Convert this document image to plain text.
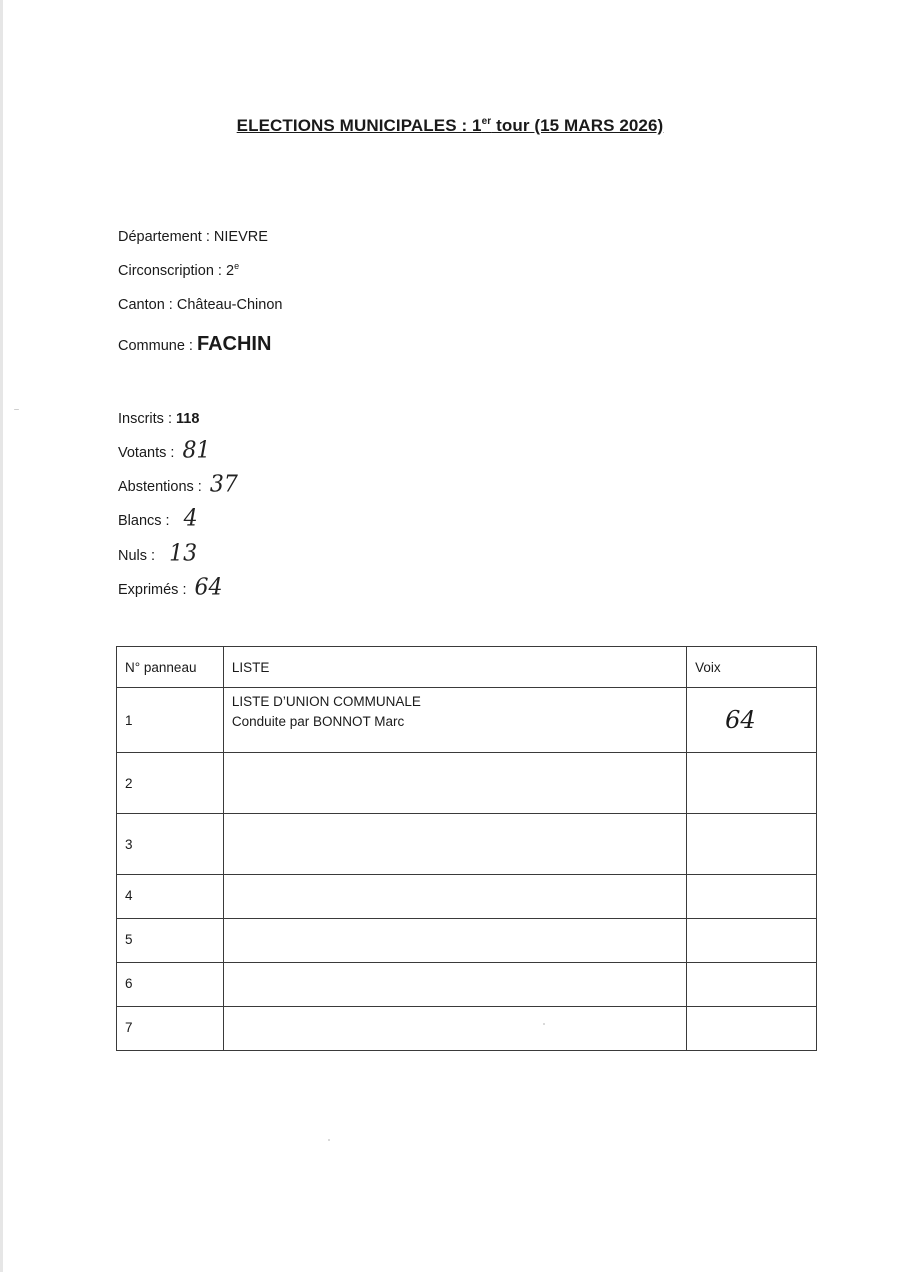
ELECTIONS MUNICIPALES : 1er tour (15 MARS 2026)
Département : NIEVRE
Circonscription : 2e
Canton : Château-Chinon
Commune : FACHIN
Inscrits : 118
Votants : 81
Abstentions : 37
Blancs : 4
Nuls : 13
Exprimés : 64
N° panneau	LISTE	Voix
1	LISTE D’UNION COMMUNALE
Conduite par BONNOT Marc	64
2		
3		
4		
5		
6		
7		
